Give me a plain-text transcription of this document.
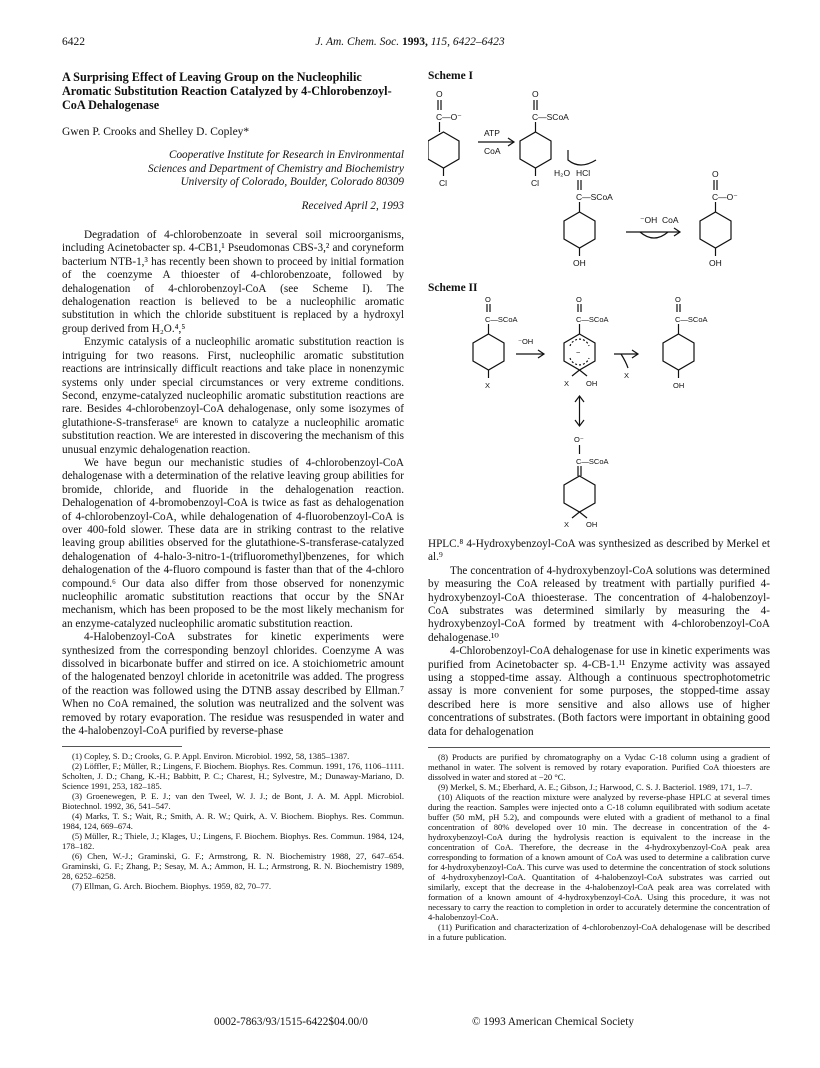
6422	J. Am. Chem. Soc. 1993, 115, 6422–6423

A Surprising Effect of Leaving Group on the Nucleophilic Aromatic Substitution Reaction Catalyzed by 4-Chlorobenzoyl-CoA Dehalogenase

Gwen P. Crooks and Shelley D. Copley*

Cooperative Institute for Research in Environmental
Sciences and Department of Chemistry and Biochemistry
University of Colorado, Boulder, Colorado 80309

Received April 2, 1993

Degradation of 4-chlorobenzoate in several soil microorganisms, including Acinetobacter sp. 4-CB1,¹ Pseudomonas CBS-3,² and coryneform bacterium NTB-1,³ has recently been shown to proceed by initial formation of the coenzyme A thioester of 4-chlorobenzoate, followed by dehalogenation of 4-chlorobenzoyl-CoA (see Scheme I). The dehalogenation reaction is believed to be a nucleophilic aromatic substitution in which the chloride substituent is replaced by a hydroxyl group derived from H₂O.⁴,⁵

Enzymic catalysis of a nucleophilic aromatic substitution reaction is intriguing for two reasons. First, nucleophilic aromatic substitution reactions are intrinsically difficult reactions and take place in nonenzymic systems only under special circumstances or very extreme conditions. Second, enzyme-catalyzed nucleophilic aromatic substitution reactions are rare. Besides 4-chlorobenzoyl-CoA dehalogenase, only some isozymes of glutathione-S-transferase⁶ are known to catalyze a nucleophilic aromatic substitution reaction. We are interested in discovering the mechanism of this unusual enzymic dehalogenation reaction.

We have begun our mechanistic studies of 4-chlorobenzoyl-CoA dehalogenase with a determination of the relative leaving group abilities for bromide, chloride, and fluoride in the dehalogenation reaction. Dehalogenation of 4-bromobenzoyl-CoA is twice as fast as dehalogenation of 4-chlorobenzoyl-CoA, while dehalogenation of 4-fluorobenzoyl-CoA is over 400-fold slower. These data are in striking contrast to the relative leaving group abilities observed for the glutathione-S-transferase-catalyzed dehalogenation of 4-halo-3-nitro-1-(trifluoromethyl)benzenes, for which dehalogenation of the 4-fluoro compound is faster than that of the 4-chloro compound.⁶ Our data also differ from those observed for nonenzymic nucleophilic aromatic substitution reactions that occur by the SNAr mechanism, which has been proposed to be the most likely mechanism for an enzyme-catalyzed nucleophilic aromatic substitution reaction.

4-Halobenzoyl-CoA substrates for kinetic experiments were synthesized from the corresponding benzoyl chlorides. Coenzyme A was dissolved in bicarbonate buffer and stirred on ice. A stoichiometric amount of the halogenated benzoyl chloride in acetonitrile was added. The progress of the reaction was followed using the DTNB assay described by Ellman.⁷ When no CoA remained, the solution was neutralized and the solvent was removed by rotary evaporation. The residue was resuspended in water and the 4-halobenzoyl-CoA purified by reverse-phase

(1) Copley, S. D.; Crooks, G. P. Appl. Environ. Microbiol. 1992, 58, 1385–1387.

(2) Löffler, F.; Müller, R.; Lingens, F. Biochem. Biophys. Res. Commun. 1991, 176, 1106–1111. Scholten, J. D.; Chang, K.-H.; Babbitt, P. C.; Charest, H.; Sylvestre, M.; Dunaway-Mariano, D. Science 1991, 253, 182–185.

(3) Groenewegen, P. E. J.; van den Tweel, W. J. J.; de Bont, J. A. M. Appl. Microbiol. Biotechnol. 1992, 36, 541–547.

(4) Marks, T. S.; Wait, R.; Smith, A. R. W.; Quirk, A. V. Biochem. Biophys. Res. Commun. 1984, 124, 669–674.

(5) Müller, R.; Thiele, J.; Klages, U.; Lingens, F. Biochem. Biophys. Res. Commun. 1984, 124, 178–182.

(6) Chen, W.-J.; Graminski, G. F.; Armstrong, R. N. Biochemistry 1988, 27, 647–654. Graminski, G. F.; Zhang, P.; Sesay, M. A.; Ammon, H. L.; Armstrong, R. N. Biochemistry 1989, 28, 6252–6258.

(7) Ellman, G. Arch. Biochem. Biophys. 1959, 82, 70–77.

Scheme I
O
C—O⁻
Cl
O
C—SCoA
Cl
ATP
CoA
H₂O HCl
C—SCoA
OH
⁻OH CoA
O
C—O⁻
OH
Scheme II
O
C—SCoA
X
⁻OH
O
C—SCoA
−
X OH
X
O
C—SCoA
OH
O⁻
C—SCoA
X OH

HPLC.⁸ 4-Hydroxybenzoyl-CoA was synthesized as described by Merkel et al.⁹

The concentration of 4-hydroxybenzoyl-CoA solutions was determined by measuring the CoA released by treatment with partially purified 4-hydroxybenzoyl-CoA thioesterase. The concentration of 4-halobenzoyl-CoA substrates was determined similarly by measuring the 4-hydroxybenzoyl-CoA formed by treatment with 4-chlorobenzoyl-CoA dehalogenase.¹⁰

4-Chlorobenzoyl-CoA dehalogenase for use in kinetic experiments was purified from Acinetobacter sp. 4-CB-1.¹¹ Enzyme activity was assayed using a stopped-time assay. Although a continuous spectrophotometric assay is more convenient for some purposes, the stopped-time assay described here is more sensitive and also allows use of higher concentrations of substrates. (Both factors were important in obtaining good data for dehalogenation

(8) Products are purified by chromatography on a Vydac C-18 column using a gradient of methanol in water. The solvent is removed by rotary evaporation. Purified CoA thioesters are dissolved in water and stored at −20 °C.

(9) Merkel, S. M.; Eberhard, A. E.; Gibson, J.; Harwood, C. S. J. Bacteriol. 1989, 171, 1–7.

(10) Aliquots of the reaction mixture were analyzed by reverse-phase HPLC at several times during the reaction. Samples were injected onto a C-18 column equilibrated with sodium acetate buffer (50 mM, pH 5.2), and compounds were eluted with a gradient of methanol to a final concentration of 80% developed over 10 min. The decrease in concentration of the 4-hydroxybenzoyl-CoA during the hydrolysis reaction is equivalent to the increase in the concentration of CoA. Therefore, the decrease in the 4-hydroxybenzoyl-CoA peak area corresponding to formation of a known amount of CoA was used to determine a calibration curve for 4-hydroxybenzoyl-CoA. This curve was used to determine the concentration of stock solutions of 4-hydroxybenzoyl-CoA. Quantitation of 4-halobenzoyl-CoA substrates was carried out similarly, except that the decrease in the 4-halobenzoyl-CoA peak area was correlated with formation of a known amount of 4-hydroxybenzoyl-CoA. Using this procedure, it was not necessary to carry the reaction to completion in order to accurately determine the concentration of 4-halobenzoyl-CoA.

(11) Purification and characterization of 4-chlorobenzoyl-CoA dehalogenase will be described in a future publication.

0002-7863/93/1515-6422$04.00/0	© 1993 American Chemical Society
